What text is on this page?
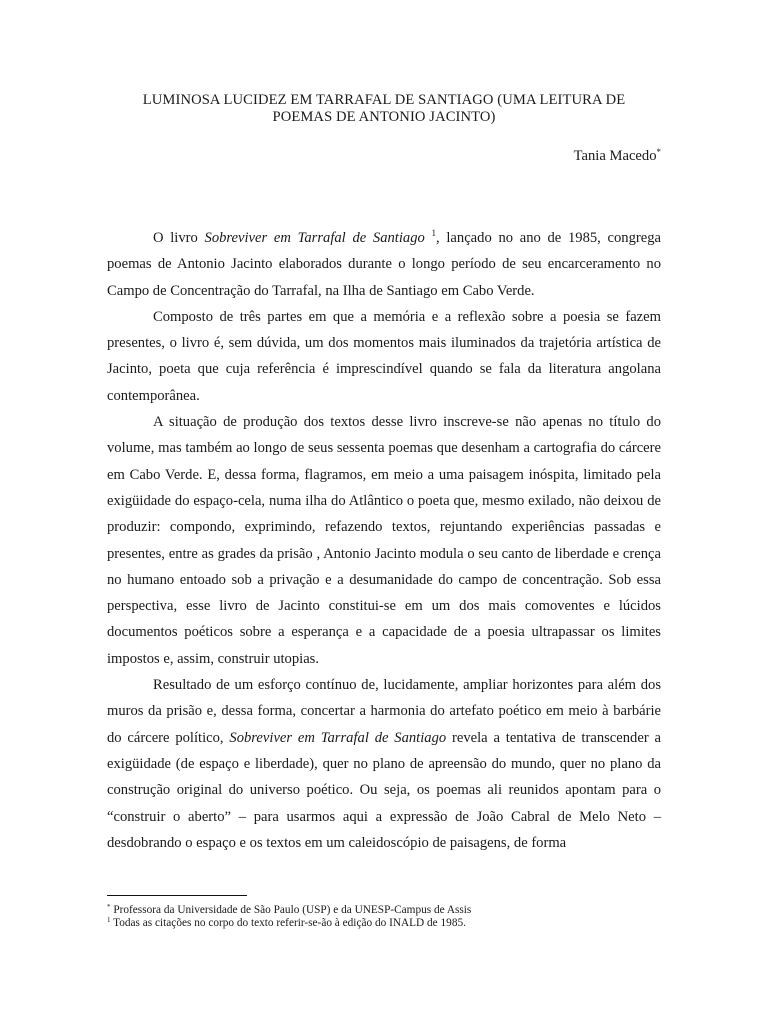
LUMINOSA LUCIDEZ EM TARRAFAL DE SANTIAGO (UMA LEITURA DE
POEMAS DE ANTONIO JACINTO)
Tania Macedo*

O livro Sobreviver em Tarrafal de Santiago $^1$, lançado no ano de 1985, congrega poemas de Antonio Jacinto elaborados durante o longo período de seu encarceramento no Campo de Concentração do Tarrafal, na Ilha de Santiago em Cabo Verde.

Composto de três partes em que a memória e a reflexão sobre a poesia se fazem presentes, o livro é, sem dúvida, um dos momentos mais iluminados da trajetória artística de Jacinto, poeta que cuja referência é imprescindível quando se fala da literatura angolana contemporânea.

A situação de produção dos textos desse livro inscreve-se não apenas no título do volume, mas também ao longo de seus sessenta poemas que desenham a cartografia do cárcere em Cabo Verde. E, dessa forma, flagramos, em meio a uma paisagem inóspita, limitado pela exigüidade do espaço-cela, numa ilha do Atlântico o poeta que, mesmo exilado, não deixou de produzir: compondo, exprimindo, refazendo textos, rejuntando experiências passadas e presentes, entre as grades da prisão , Antonio Jacinto modula o seu canto de liberdade e crença no humano entoado sob a privação e a desumanidade do campo de concentração. Sob essa perspectiva, esse livro de Jacinto constitui-se em um dos mais comoventes e lúcidos documentos poéticos sobre a esperança e a capacidade de a poesia ultrapassar os limites impostos e, assim, construir utopias.

Resultado de um esforço contínuo de, lucidamente, ampliar horizontes para além dos muros da prisão e, dessa forma, concertar a harmonia do artefato poético em meio à barbárie do cárcere político, Sobreviver em Tarrafal de Santiago revela a tentativa de transcender a exigüidade (de espaço e liberdade), quer no plano de apreensão do mundo, quer no plano da construção original do universo poético. Ou seja, os poemas ali reunidos apontam para o “construir o aberto” – para usarmos aqui a expressão de João Cabral de Melo Neto – desdobrando o espaço e os textos em um caleidoscópio de paisagens, de forma

* Professora da Universidade de São Paulo (USP) e da UNESP-Campus de Assis
$^1$ Todas as citações no corpo do texto referir-se-ão à edição do INALD de 1985.
